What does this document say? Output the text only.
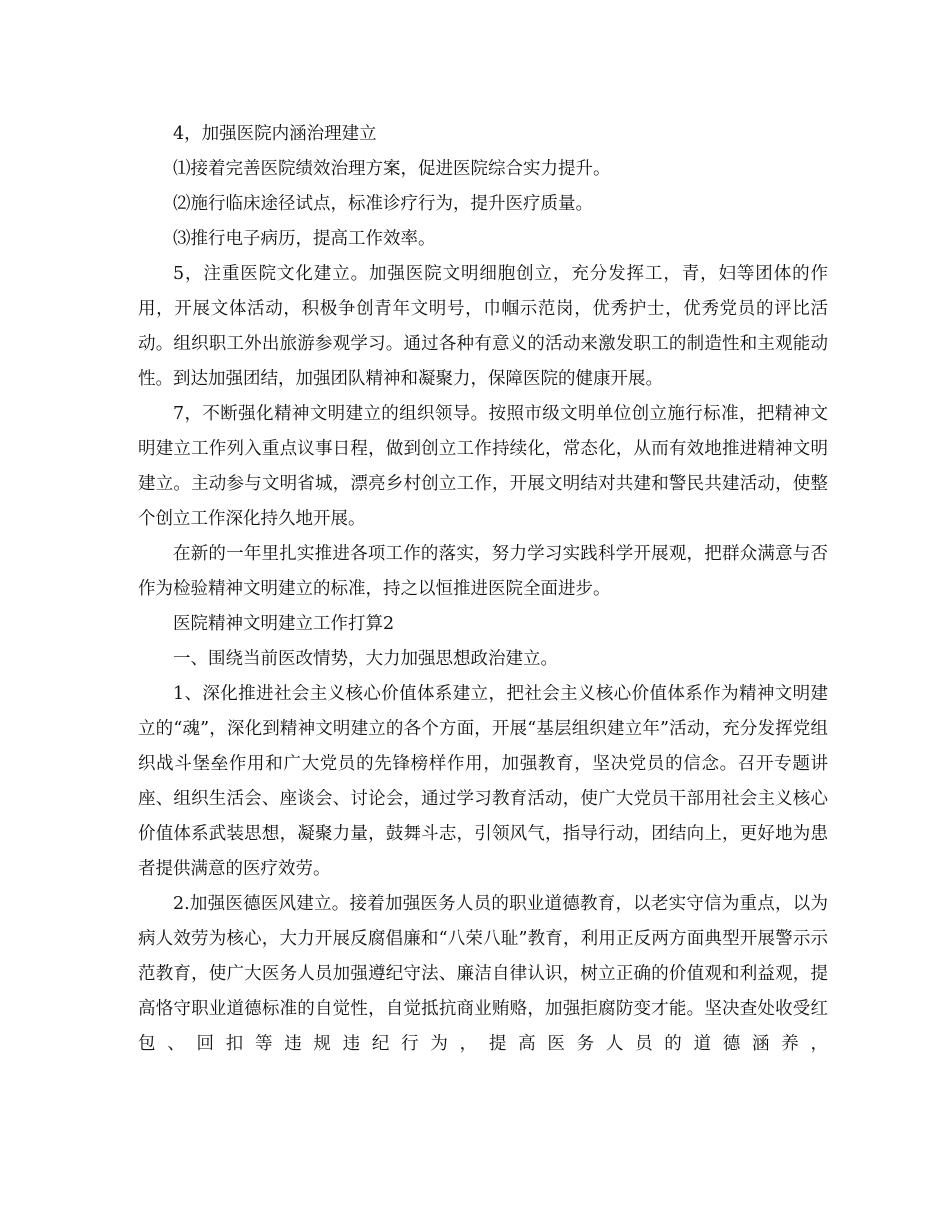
4，加强医院内涵治理建立

⑴接着完善医院绩效治理方案，促进医院综合实力提升。

⑵施行临床途径试点，标准诊疗行为，提升医疗质量。

⑶推行电子病历，提高工作效率。

5，注重医院文化建立。加强医院文明细胞创立，充分发挥工，青，妇等团体的作用，开展文体活动，积极争创青年文明号，巾帼示范岗，优秀护士，优秀党员的评比活动。组织职工外出旅游参观学习。通过各种有意义的活动来激发职工的制造性和主观能动性。到达加强团结，加强团队精神和凝聚力，保障医院的健康开展。

7，不断强化精神文明建立的组织领导。按照市级文明单位创立施行标准，把精神文明建立工作列入重点议事日程，做到创立工作持续化，常态化，从而有效地推进精神文明建立。主动参与文明省城，漂亮乡村创立工作，开展文明结对共建和警民共建活动，使整个创立工作深化持久地开展。

在新的一年里扎实推进各项工作的落实，努力学习实践科学开展观，把群众满意与否作为检验精神文明建立的标准，持之以恒推进医院全面进步。

医院精神文明建立工作打算2

一、围绕当前医改情势，大力加强思想政治建立。

1、深化推进社会主义核心价值体系建立，把社会主义核心价值体系作为精神文明建立的“魂”，深化到精神文明建立的各个方面，开展“基层组织建立年”活动，充分发挥党组织战斗堡垒作用和广大党员的先锋榜样作用，加强教育，坚决党员的信念。召开专题讲座、组织生活会、座谈会、讨论会，通过学习教育活动，使广大党员干部用社会主义核心价值体系武装思想，凝聚力量，鼓舞斗志，引领风气，指导行动，团结向上，更好地为患者提供满意的医疗效劳。

2.加强医德医风建立。接着加强医务人员的职业道德教育，以老实守信为重点，以为病人效劳为核心，大力开展反腐倡廉和“八荣八耻”教育，利用正反两方面典型开展警示示范教育，使广大医务人员加强遵纪守法、廉洁自律认识，树立正确的价值观和利益观，提高恪守职业道德标准的自觉性，自觉抵抗商业贿赂，加强拒腐防变才能。坚决查处收受红包、回扣等违规违纪行为，提高医务人员的道德涵养，
